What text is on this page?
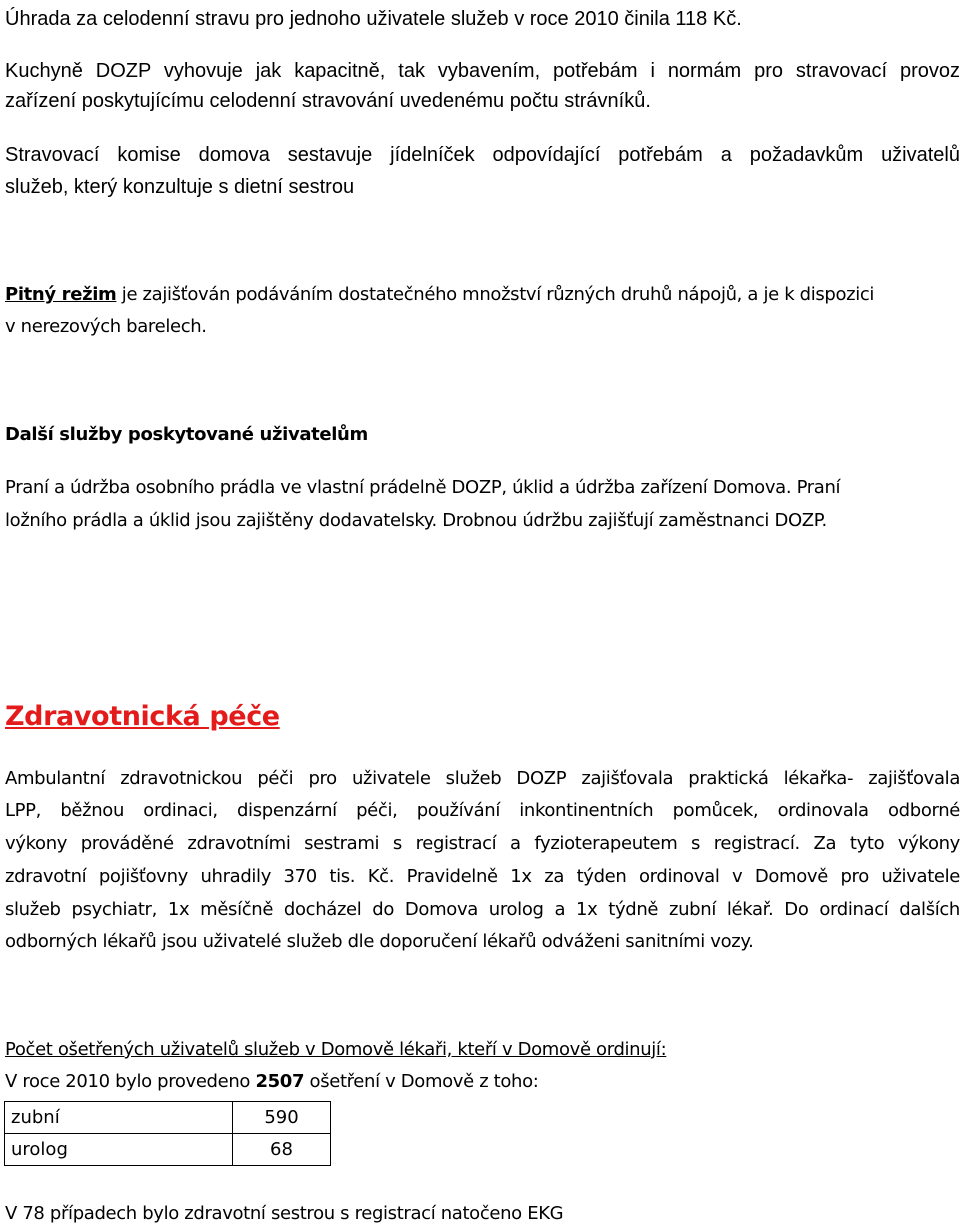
Úhrada za celodenní stravu pro jednoho uživatele služeb v roce 2010 činila 118 Kč.
Kuchyně DOZP vyhovuje jak kapacitně, tak vybavením, potřebám i normám pro stravovací provoz
zařízení poskytujícímu celodenní stravování uvedenému počtu strávníků.
Stravovací komise domova sestavuje jídelníček odpovídající potřebám a požadavkům uživatelů
služeb, který konzultuje s dietní sestrou
Pitný režim je zajišťován podáváním dostatečného množství různých druhů nápojů, a je k dispozici
v nerezových barelech.
Další služby poskytované uživatelům
Praní a údržba osobního prádla ve vlastní prádelně DOZP, úklid a údržba zařízení Domova. Praní
ložního prádla a úklid jsou zajištěny dodavatelsky. Drobnou údržbu zajišťují zaměstnanci DOZP.
Zdravotnická péče
Ambulantní zdravotnickou péči pro uživatele služeb DOZP zajišťovala praktická lékařka- zajišťovala
LPP, běžnou ordinaci, dispenzární péči, používání inkontinentních pomůcek, ordinovala odborné
výkony prováděné zdravotními sestrami s registrací a fyzioterapeutem s registrací. Za tyto výkony
zdravotní pojišťovny uhradily 370 tis. Kč. Pravidelně 1x za týden ordinoval v Domově pro uživatele
služeb psychiatr, 1x měsíčně docházel do Domova urolog a 1x týdně zubní lékař. Do ordinací dalších
odborných lékařů jsou uživatelé služeb dle doporučení lékařů odváženi sanitními vozy.
Počet ošetřených uživatelů služeb v Domově lékaři, kteří v Domově ordinují:
V roce 2010 bylo provedeno 2507 ošetření v Domově z toho:
zubní	590
urolog	68
V 78 případech bylo zdravotní sestrou s registrací natočeno EKG
